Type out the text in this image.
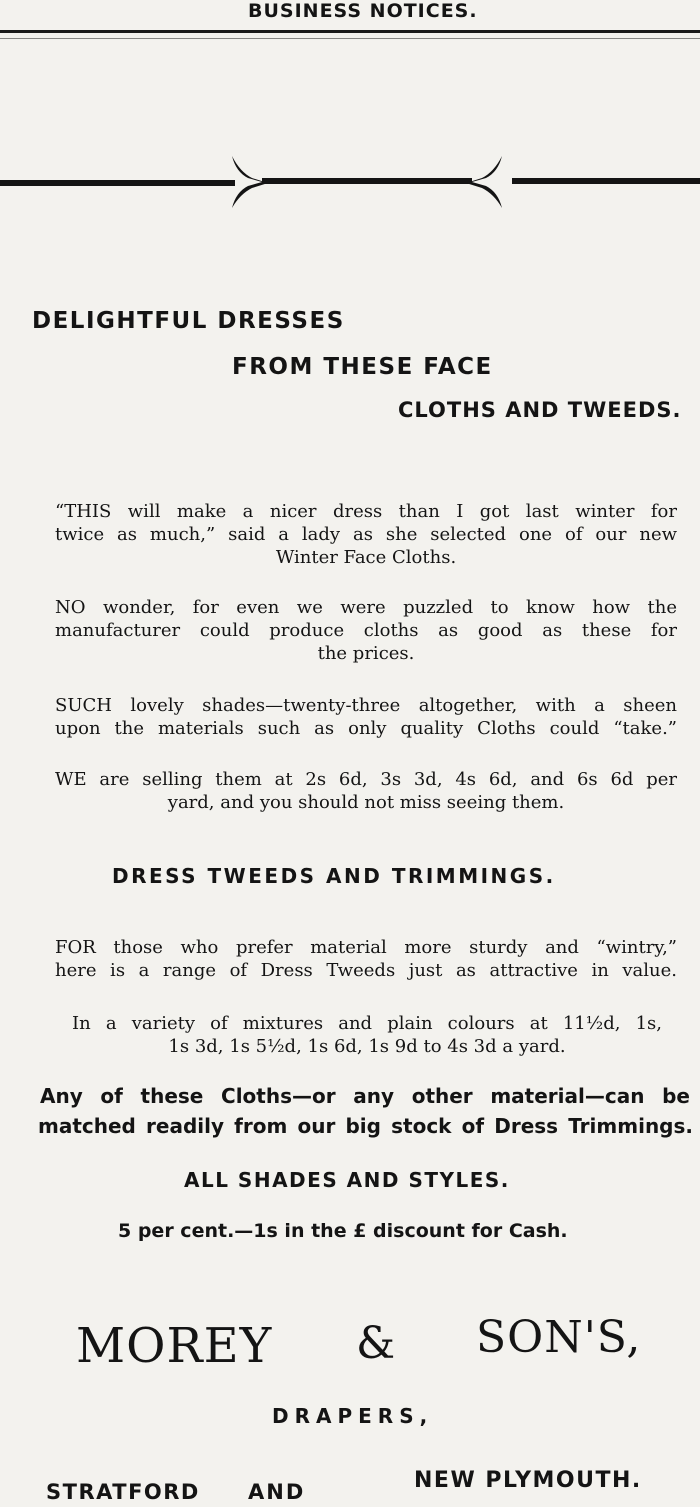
BUSINESS NOTICES.
DELIGHTFUL DRESSES
FROM THESE FACE
CLOTHS AND TWEEDS.
“THIS will make a nicer dress than I got last winter for
twice as much,” said a lady as she selected one of our new
Winter Face Cloths.
NO wonder, for even we were puzzled to know how the
manufacturer could produce cloths as good as these for
the prices.
SUCH lovely shades—twenty-three altogether, with a sheen
upon the materials such as only quality Cloths could “take.”
WE are selling them at 2s 6d, 3s 3d, 4s 6d, and 6s 6d per
yard, and you should not miss seeing them.
DRESS TWEEDS AND TRIMMINGS.
FOR those who prefer material more sturdy and “wintry,”
here is a range of Dress Tweeds just as attractive in value.
In a variety of mixtures and plain colours at 11½d, 1s,
1s 3d, 1s 5½d, 1s 6d, 1s 9d to 4s 3d a yard.
Any of these Cloths—or any other material—can be
matched readily from our big stock of Dress Trimmings.
ALL SHADES AND STYLES.
5 per cent.—1s in the £ discount for Cash.
MOREY & SON'S,
DRAPERS,
STRATFORD AND	NEW PLYMOUTH.
